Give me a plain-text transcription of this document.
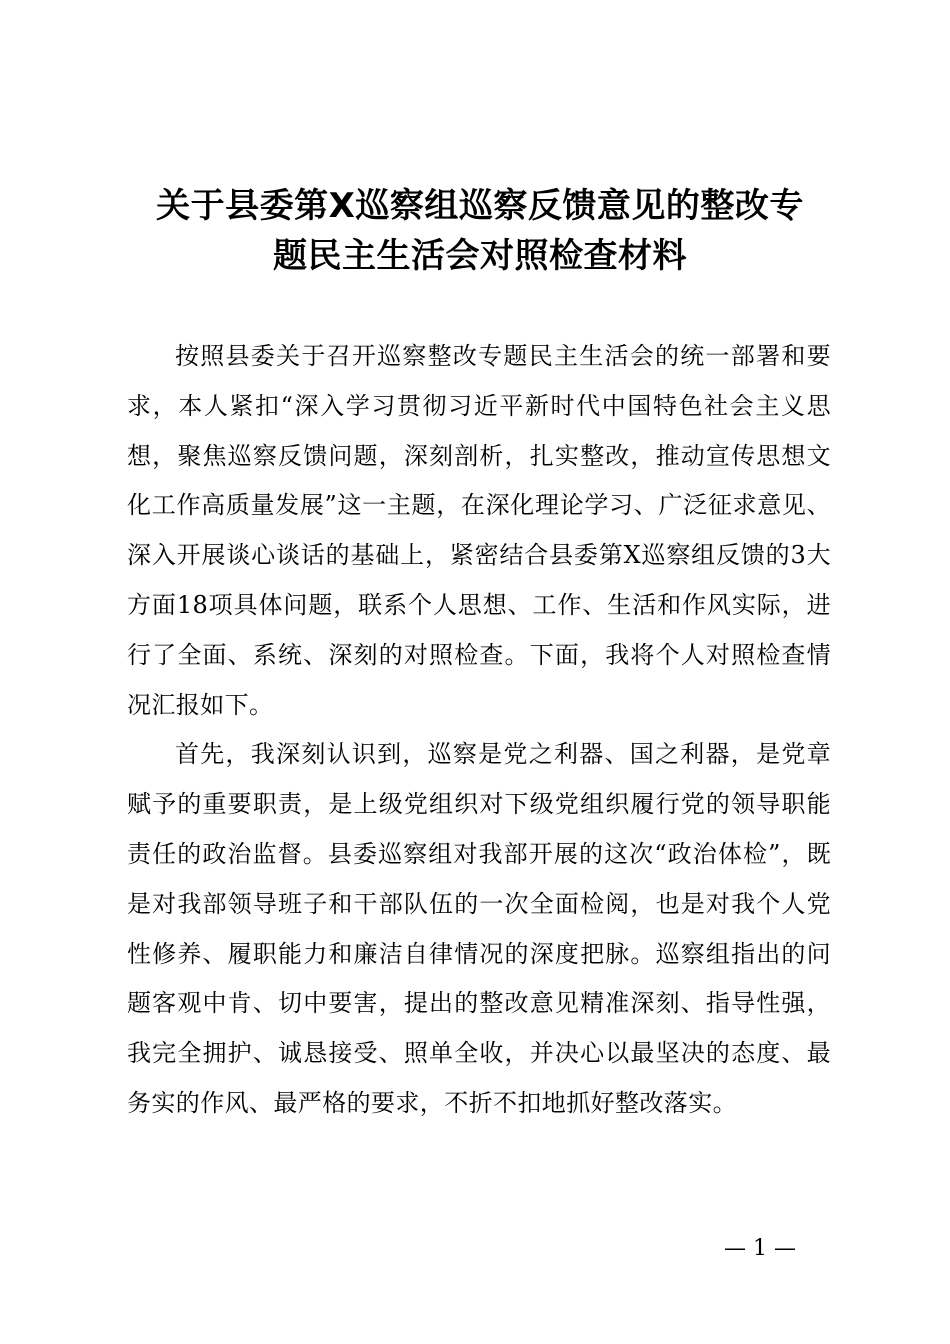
关于县委第X巡察组巡察反馈意见的整改专
题民主生活会对照检查材料

按照县委关于召开巡察整改专题民主生活会的统一部署和要求，本人紧扣“深入学习贯彻习近平新时代中国特色社会主义思想，聚焦巡察反馈问题，深刻剖析，扎实整改，推动宣传思想文化工作高质量发展”这一主题，在深化理论学习、广泛征求意见、深入开展谈心谈话的基础上，紧密结合县委第X巡察组反馈的3大方面18项具体问题，联系个人思想、工作、生活和作风实际，进行了全面、系统、深刻的对照检查。下面，我将个人对照检查情况汇报如下。

首先，我深刻认识到，巡察是党之利器、国之利器，是党章赋予的重要职责，是上级党组织对下级党组织履行党的领导职能责任的政治监督。县委巡察组对我部开展的这次“政治体检”，既是对我部领导班子和干部队伍的一次全面检阅，也是对我个人党性修养、履职能力和廉洁自律情况的深度把脉。巡察组指出的问题客观中肯、切中要害，提出的整改意见精准深刻、指导性强，我完全拥护、诚恳接受、照单全收，并决心以最坚决的态度、最务实的作风、最严格的要求，不折不扣地抓好整改落实。

— 1 —
